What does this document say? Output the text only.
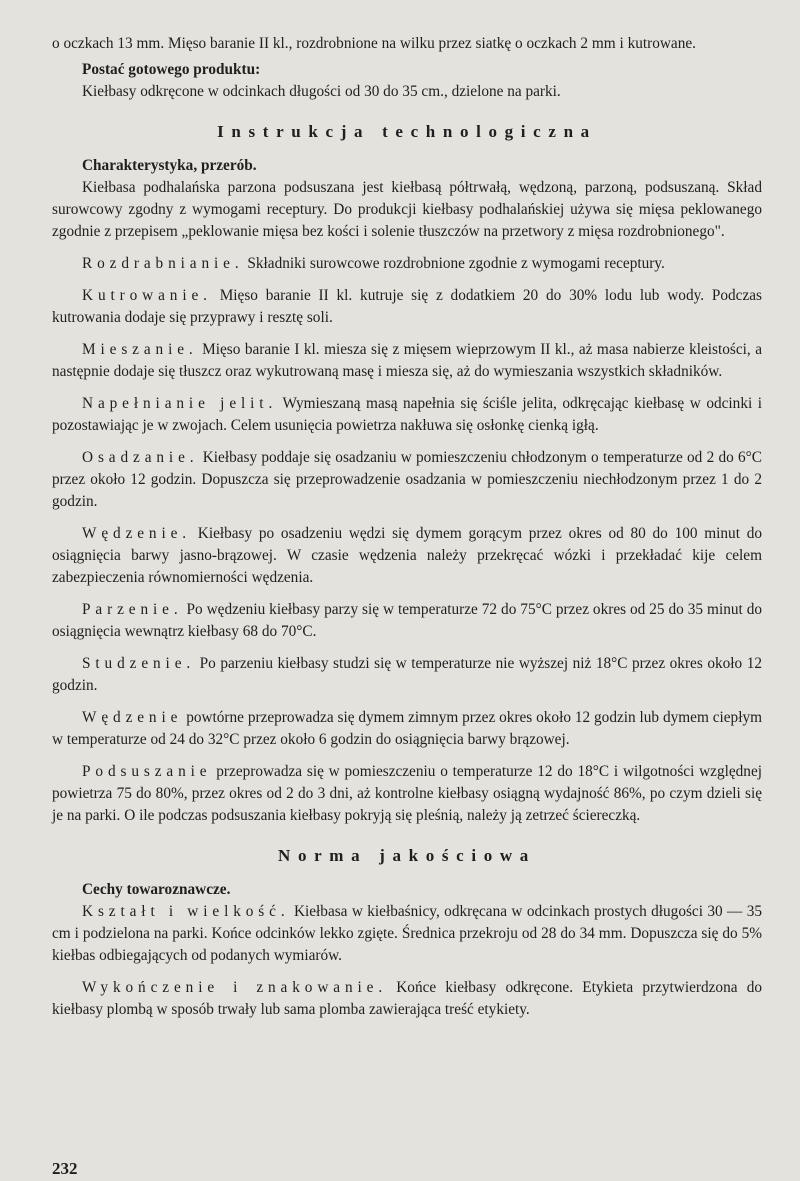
o oczkach 13 mm. Mięso baranie II kl., rozdrobnione na wilku przez siatkę o oczkach 2 mm i kutrowane.

Postać gotowego produktu:

Kiełbasy odkręcone w odcinkach długości od 30 do 35 cm., dzielone na parki.

Instrukcja technologiczna

Charakterystyka, przerób.

Kiełbasa podhalańska parzona podsuszana jest kiełbasą półtrwałą, wędzoną, parzoną, podsuszaną. Skład surowcowy zgodny z wymogami receptury. Do produkcji kiełbasy podhalańskiej używa się mięsa peklowanego zgodnie z przepisem „peklowanie mięsa bez kości i solenie tłuszczów na przetwory z mięsa rozdrobnionego".

Rozdrabnianie. Składniki surowcowe rozdrobnione zgodnie z wymogami receptury.

Kutrowanie. Mięso baranie II kl. kutruje się z dodatkiem 20 do 30% lodu lub wody. Podczas kutrowania dodaje się przyprawy i resztę soli.

Mieszanie. Mięso baranie I kl. miesza się z mięsem wieprzowym II kl., aż masa nabierze kleistości, a następnie dodaje się tłuszcz oraz wykutrowaną masę i miesza się, aż do wymieszania wszystkich składników.

Napełnianie jelit. Wymieszaną masą napełnia się ściśle jelita, odkręcając kiełbasę w odcinki i pozostawiając je w zwojach. Celem usunięcia powietrza nakłuwa się osłonkę cienką igłą.

Osadzanie. Kiełbasy poddaje się osadzaniu w pomieszczeniu chłodzonym o temperaturze od 2 do 6°C przez około 12 godzin. Dopuszcza się przeprowadzenie osadzania w pomieszczeniu niechłodzonym przez 1 do 2 godzin.

Wędzenie. Kiełbasy po osadzeniu wędzi się dymem gorącym przez okres od 80 do 100 minut do osiągnięcia barwy jasno-brązowej. W czasie wędzenia należy przekręcać wózki i przekładać kije celem zabezpieczenia równomierności wędzenia.

Parzenie. Po wędzeniu kiełbasy parzy się w temperaturze 72 do 75°C przez okres od 25 do 35 minut do osiągnięcia wewnątrz kiełbasy 68 do 70°C.

Studzenie. Po parzeniu kiełbasy studzi się w temperaturze nie wyższej niż 18°C przez okres około 12 godzin.

Wędzenie powtórne przeprowadza się dymem zimnym przez okres około 12 godzin lub dymem ciepłym w temperaturze od 24 do 32°C przez około 6 godzin do osiągnięcia barwy brązowej.

Podsuszanie przeprowadza się w pomieszczeniu o temperaturze 12 do 18°C i wilgotności względnej powietrza 75 do 80%, przez okres od 2 do 3 dni, aż kontrolne kiełbasy osiągną wydajność 86%, po czym dzieli się je na parki. O ile podczas podsuszania kiełbasy pokryją się pleśnią, należy ją zetrzeć ściereczką.

Norma jakościowa

Cechy towaroznawcze.

Kształt i wielkość. Kiełbasa w kiełbaśnicy, odkręcana w odcinkach prostych długości 30 — 35 cm i podzielona na parki. Końce odcinków lekko zgięte. Średnica przekroju od 28 do 34 mm. Dopuszcza się do 5% kiełbas odbiegających od podanych wymiarów.

Wykończenie i znakowanie. Końce kiełbasy odkręcone. Etykieta przytwierdzona do kiełbasy plombą w sposób trwały lub sama plomba zawierająca treść etykiety.

232
